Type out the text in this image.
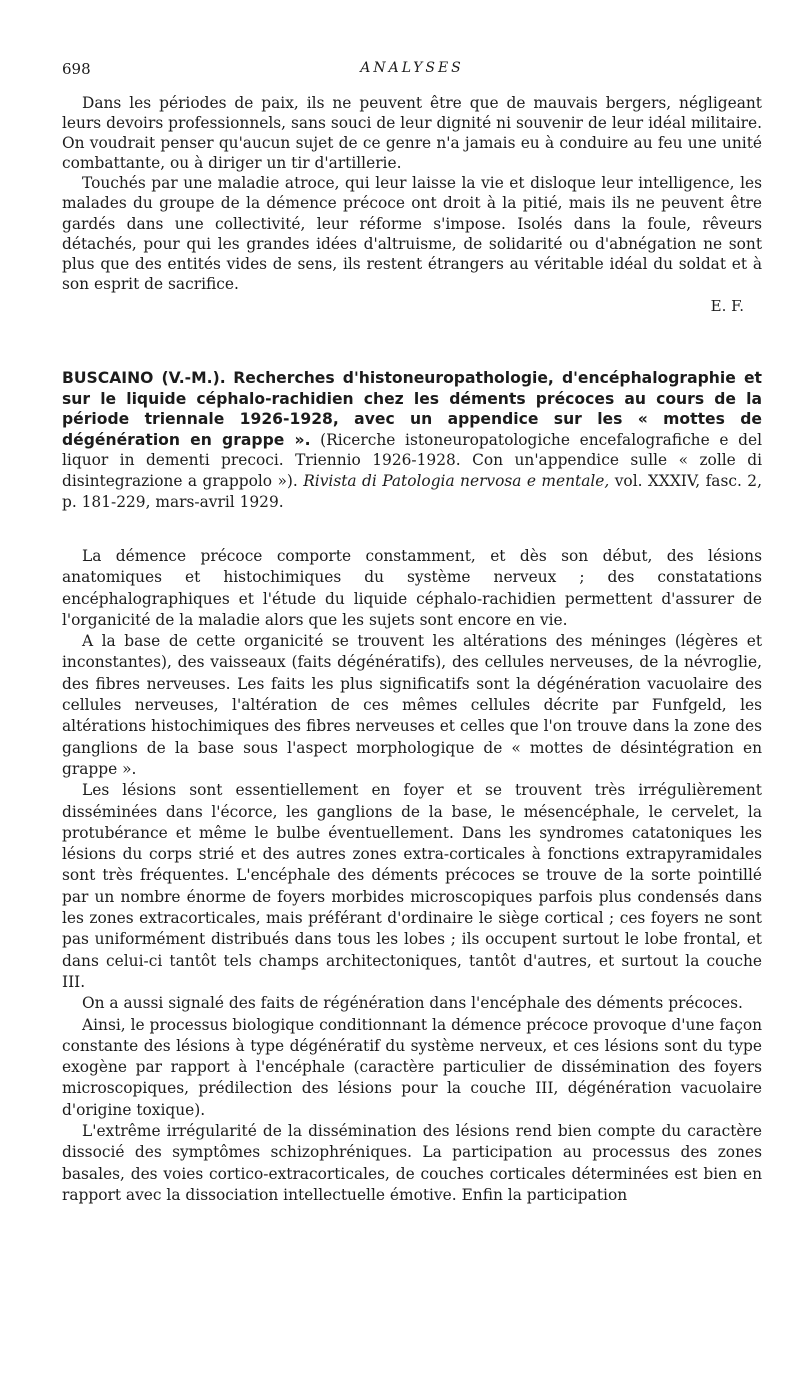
698	ANALYSES

Dans les périodes de paix, ils ne peuvent être que de mauvais bergers, négligeant leurs devoirs professionnels, sans souci de leur dignité ni souvenir de leur idéal militaire. On voudrait penser qu'aucun sujet de ce genre n'a jamais eu à conduire au feu une unité combattante, ou à diriger un tir d'artillerie.

Touchés par une maladie atroce, qui leur laisse la vie et disloque leur intelligence, les malades du groupe de la démence précoce ont droit à la pitié, mais ils ne peuvent être gardés dans une collectivité, leur réforme s'impose. Isolés dans la foule, rêveurs détachés, pour qui les grandes idées d'altruisme, de solidarité ou d'abnégation ne sont plus que des entités vides de sens, ils restent étrangers au véritable idéal du soldat et à son esprit de sacrifice.

E. F.

BUSCAINO (V.-M.). Recherches d'histoneuropathologie, d'encéphalographie et sur le liquide céphalo-rachidien chez les déments précoces au cours de la période triennale 1926-1928, avec un appendice sur les « mottes de dégénération en grappe ». (Ricerche istoneuropatologiche encefalografiche e del liquor in dementi precoci. Triennio 1926-1928. Con un'appendice sulle « zolle di disintegrazione a grappolo »). Rivista di Patologia nervosa e mentale, vol. XXXIV, fasc. 2, p. 181-229, mars-avril 1929.

La démence précoce comporte constamment, et dès son début, des lésions anatomiques et histochimiques du système nerveux ; des constatations encéphalographiques et l'étude du liquide céphalo-rachidien permettent d'assurer de l'organicité de la maladie alors que les sujets sont encore en vie.

A la base de cette organicité se trouvent les altérations des méninges (légères et inconstantes), des vaisseaux (faits dégénératifs), des cellules nerveuses, de la névroglie, des fibres nerveuses. Les faits les plus significatifs sont la dégénération vacuolaire des cellules nerveuses, l'altération de ces mêmes cellules décrite par Funfgeld, les altérations histochimiques des fibres nerveuses et celles que l'on trouve dans la zone des ganglions de la base sous l'aspect morphologique de « mottes de désintégration en grappe ».

Les lésions sont essentiellement en foyer et se trouvent très irrégulièrement disséminées dans l'écorce, les ganglions de la base, le mésencéphale, le cervelet, la protubérance et même le bulbe éventuellement. Dans les syndromes catatoniques les lésions du corps strié et des autres zones extra-corticales à fonctions extrapyramidales sont très fréquentes. L'encéphale des déments précoces se trouve de la sorte pointillé par un nombre énorme de foyers morbides microscopiques parfois plus condensés dans les zones extracorticales, mais préférant d'ordinaire le siège cortical ; ces foyers ne sont pas uniformément distribués dans tous les lobes ; ils occupent surtout le lobe frontal, et dans celui-ci tantôt tels champs architectoniques, tantôt d'autres, et surtout la couche III.

On a aussi signalé des faits de régénération dans l'encéphale des déments précoces.

Ainsi, le processus biologique conditionnant la démence précoce provoque d'une façon constante des lésions à type dégénératif du système nerveux, et ces lésions sont du type exogène par rapport à l'encéphale (caractère particulier de dissémination des foyers microscopiques, prédilection des lésions pour la couche III, dégénération vacuolaire d'origine toxique).

L'extrême irrégularité de la dissémination des lésions rend bien compte du caractère dissocié des symptômes schizophréniques. La participation au processus des zones basales, des voies cortico-extracorticales, de couches corticales déterminées est bien en rapport avec la dissociation intellectuelle émotive. Enfin la participation
